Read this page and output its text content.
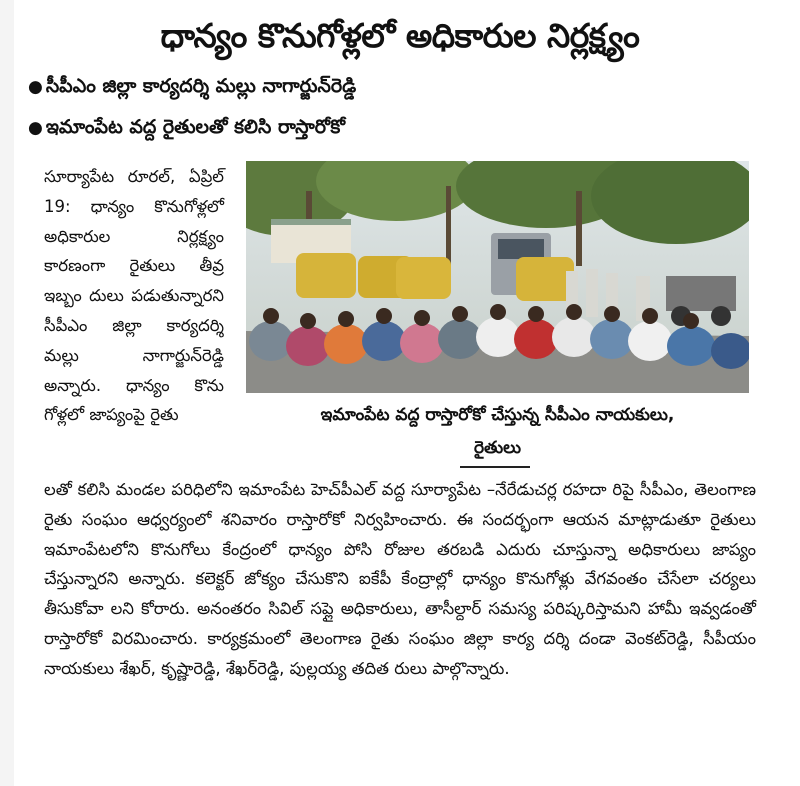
ధాన్యం కొనుగోళ్లలో అధికారుల నిర్లక్ష్యం
● సీపీఎం జిల్లా కార్యదర్శి మల్లు నాగార్జున్‌రెడ్డి
● ఇమాంపేట వద్ద రైతులతో కలిసి రాస్తారోకో
ఇమాంపేట వద్ద రాస్తారోకో చేస్తున్న సీపీఎం నాయకులు,
రైతులు
సూర్యాపేట రూరల్‌, ఏప్రిల్‌ 19: ధాన్యం కొనుగోళ్లలో అధికారుల నిర్లక్ష్యం కారణంగా రైతులు తీవ్ర ఇబ్బం దులు పడుతున్నారని సీపీఎం జిల్లా కార్యదర్శి మల్లు నాగార్జున్‌రెడ్డి అన్నారు. ధాన్యం కొను గోళ్లలో జాప్యంపై రైతు
లతో కలిసి మండల పరిధిలోని ఇమాంపేట హెచ్‌పీఎల్‌ వద్ద సూర్యాపేట –నేరేడుచర్ల రహదా రిపై సీపీఎం, తెలంగాణ రైతు సంఘం ఆధ్వర్యంలో శనివారం రాస్తారోకో నిర్వహించారు. ఈ సందర్భంగా ఆయన మాట్లాడుతూ రైతులు ఇమాంపేటలోని కొనుగోలు కేంద్రంలో ధాన్యం పోసి రోజుల తరబడి ఎదురు చూస్తున్నా అధికారులు జాప్యం చేస్తున్నారని అన్నారు. కలెక్టర్‌ జోక్యం చేసుకొని ఐకేపీ కేంద్రాల్లో ధాన్యం కొనుగోళ్లు వేగవంతం చేసేలా చర్యలు తీసుకోవా లని కోరారు. అనంతరం సివిల్‌ సప్లై అధికారులు, తాసీల్దార్‌ సమస్య పరిష్కరిస్తామని హామీ ఇవ్వడంతో రాస్తారోకో విరమించారు. కార్యక్రమంలో తెలంగాణ రైతు సంఘం జిల్లా కార్య దర్శి దండా వెంకట్‌రెడ్డి, సీపీయం నాయకులు శేఖర్‌, కృష్ణారెడ్డి, శేఖర్‌రెడ్డి, పుల్లయ్య తదిత రులు పాల్గొన్నారు.
